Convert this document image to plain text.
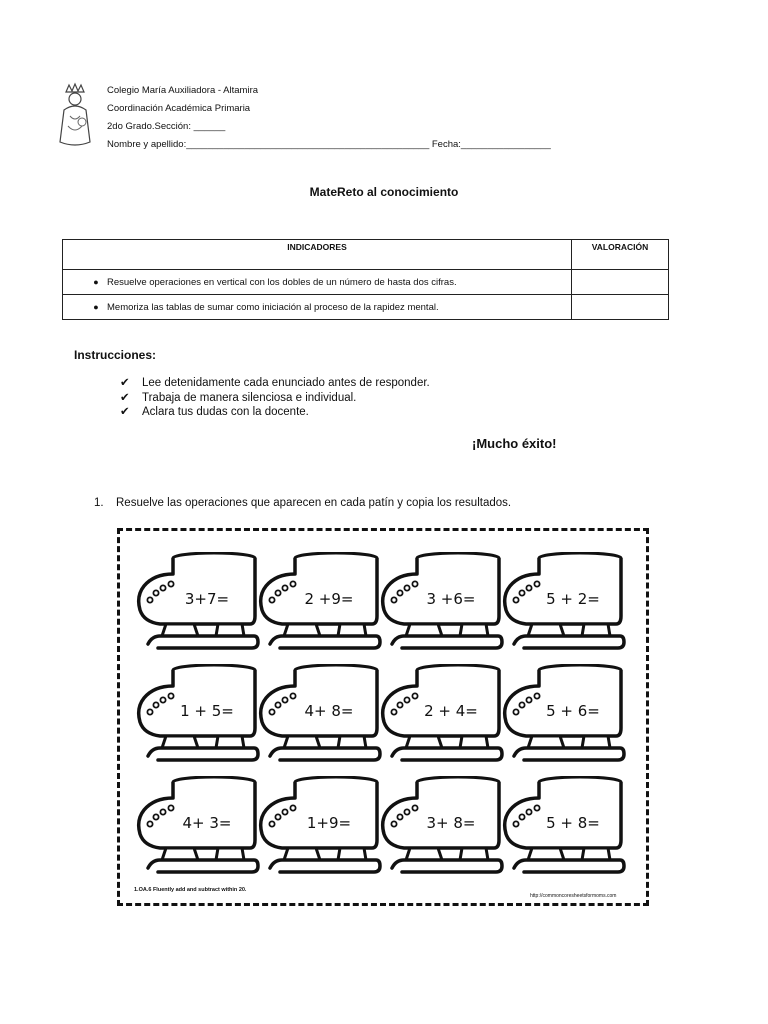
Colegio María Auxiliadora - Altamira
Coordinación Académica Primaria
2do Grado.Sección: ______
Nombre y apellido:______________________________________________ Fecha:_________________
MateReto al conocimiento
INDICADORES	VALORACIÓN
● Resuelve operaciones en vertical con los dobles de un número de hasta dos cifras.	
● Memoriza las tablas de sumar como iniciación al proceso de la rapidez mental.	
Instrucciones:
✔ Lee detenidamente cada enunciado antes de responder.
✔ Trabaja de manera silenciosa e individual.
✔ Aclara tus dudas con la docente.
¡Mucho éxito!
1. Resuelve las operaciones que aparecen en cada patín y copia los resultados.
3+7=	2 +9=	3 +6=	5 + 2=
1 + 5=	4+ 8=	2 + 4=	5 + 6=
4+ 3=	1+9=	3+ 8=	5 + 8=
1.OA.6 Fluently add and subtract within 20.
http://commoncoresheetsformoms.com
